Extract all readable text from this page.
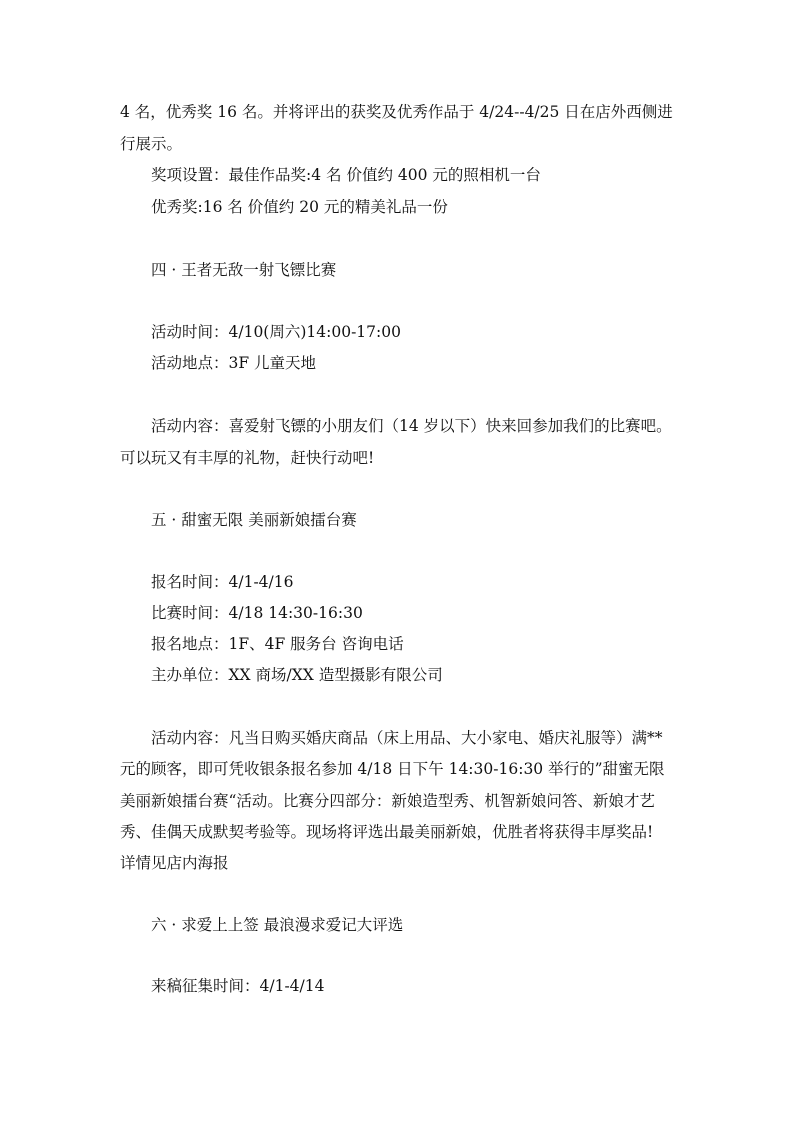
4 名，优秀奖 16 名。并将评出的获奖及优秀作品于 4/24--4/25 日在店外西侧进
行展示。
奖项设置：最佳作品奖:4 名 价值约 400 元的照相机一台
优秀奖:16 名 价值约 20 元的精美礼品一份
四 · 王者无敌一射飞镖比赛
活动时间：4/10(周六)14:00-17:00
活动地点：3F 儿童天地
活动内容：喜爱射飞镖的小朋友们（14 岁以下）快来回参加我们的比赛吧。
可以玩又有丰厚的礼物，赶快行动吧!
五 · 甜蜜无限 美丽新娘擂台赛
报名时间：4/1-4/16
比赛时间：4/18 14:30-16:30
报名地点：1F、4F 服务台 咨询电话
主办单位：XX 商场/XX 造型摄影有限公司
活动内容：凡当日购买婚庆商品（床上用品、大小家电、婚庆礼服等）满**
元的顾客，即可凭收银条报名参加 4/18 日下午 14:30-16:30 举行的”甜蜜无限
美丽新娘擂台赛“活动。比赛分四部分：新娘造型秀、机智新娘问答、新娘才艺
秀、佳偶天成默契考验等。现场将评选出最美丽新娘，优胜者将获得丰厚奖品!
详情见店内海报
六 · 求爱上上签 最浪漫求爱记大评选
来稿征集时间：4/1-4/14
